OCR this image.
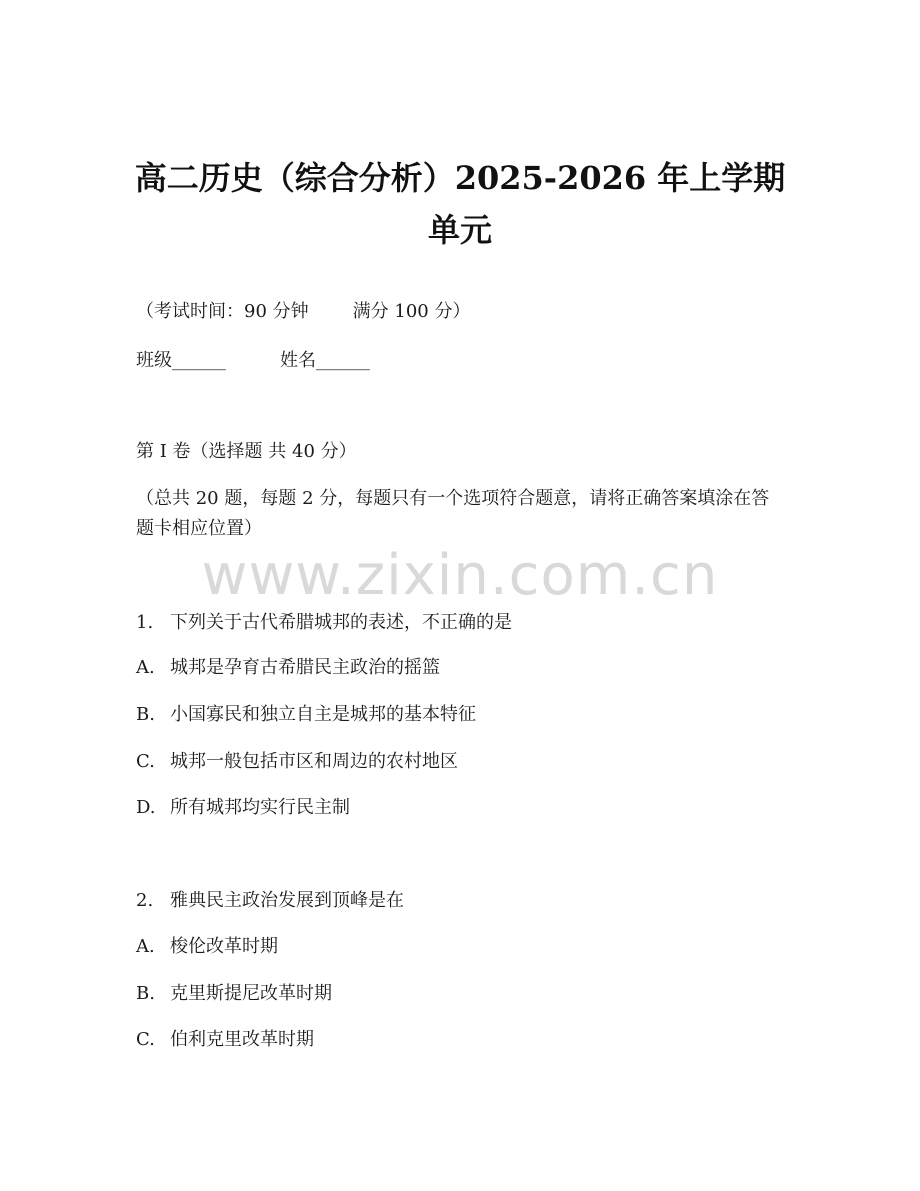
高二历史（综合分析）2025-2026 年上学期
单元

（考试时间：90 分钟 满分 100 分）

班级______	姓名______

第 I 卷（选择题 共 40 分）

（总共 20 题，每题 2 分，每题只有一个选项符合题意，请将正确答案填涂在答题卡相应位置）

www.zixin.com.cn

1. 下列关于古代希腊城邦的表述，不正确的是

A. 城邦是孕育古希腊民主政治的摇篮

B. 小国寡民和独立自主是城邦的基本特征

C. 城邦一般包括市区和周边的农村地区

D. 所有城邦均实行民主制

2. 雅典民主政治发展到顶峰是在

A. 梭伦改革时期

B. 克里斯提尼改革时期

C. 伯利克里改革时期
